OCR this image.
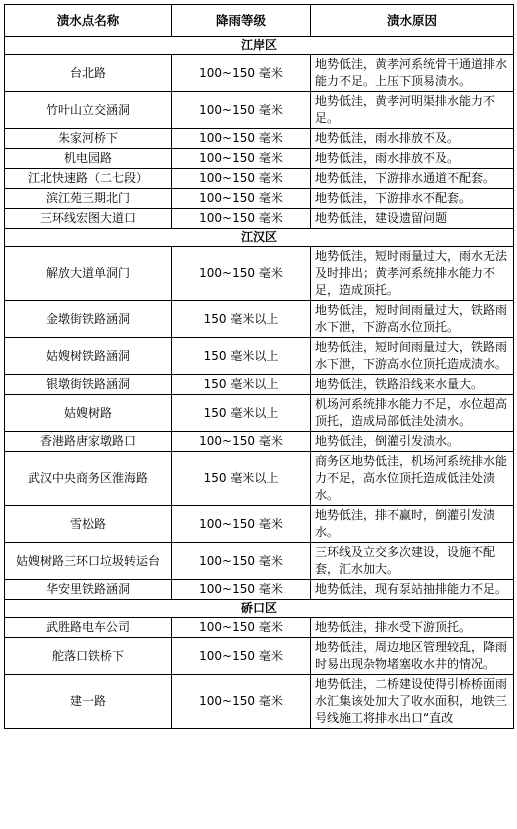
渍水点名称	降雨等级	渍水原因
江岸区		
台北路	100~150 毫米	地势低洼，黄孝河系统骨干通道排水能力不足。上压下顶易渍水。
竹叶山立交涵洞	100~150 毫米	地势低洼，黄孝河明渠排水能力不足。
朱家河桥下	100~150 毫米	地势低洼，雨水排放不及。
机电园路	100~150 毫米	地势低洼，雨水排放不及。
江北快速路（二七段）	100~150 毫米	地势低洼，下游排水通道不配套。
滨江苑三期北门	100~150 毫米	地势低洼，下游排水不配套。
三环线宏图大道口	100~150 毫米	地势低洼，建设遗留问题
江汉区		
解放大道单洞门	100~150 毫米	地势低洼，短时雨量过大，雨水无法及时排出；黄孝河系统排水能力不足，造成顶托。
金墩街铁路涵洞	150 毫米以上	地势低洼，短时间雨量过大，铁路雨水下泄，下游高水位顶托。
姑嫂树铁路涵洞	150 毫米以上	地势低洼，短时间雨量过大，铁路雨水下泄，下游高水位顶托造成渍水。
银墩街铁路涵洞	150 毫米以上	地势低洼，铁路沿线来水量大。
姑嫂树路	150 毫米以上	机场河系统排水能力不足，水位超高顶托，造成局部低洼处渍水。
香港路唐家墩路口	100~150 毫米	地势低洼，倒灌引发渍水。
武汉中央商务区淮海路	150 毫米以上	商务区地势低洼，机场河系统排水能力不足，高水位顶托造成低洼处渍水。
雪松路	100~150 毫米	地势低洼，排不赢时，倒灌引发渍水。
姑嫂树路三环口垃圾转运台	100~150 毫米	三环线及立交多次建设，设施不配套，汇水加大。
华安里铁路涵洞	100~150 毫米	地势低洼，现有泵站抽排能力不足。
硚口区		
武胜路电车公司	100~150 毫米	地势低洼，排水受下游顶托。
舵落口铁桥下	100~150 毫米	地势低洼，周边地区管理较乱，降雨时易出现杂物堵塞收水井的情况。
建一路	100~150 毫米	地势低洼，二桥建设使得引桥桥面雨水汇集该处加大了收水面积，地铁三号线施工将排水出口“直改
